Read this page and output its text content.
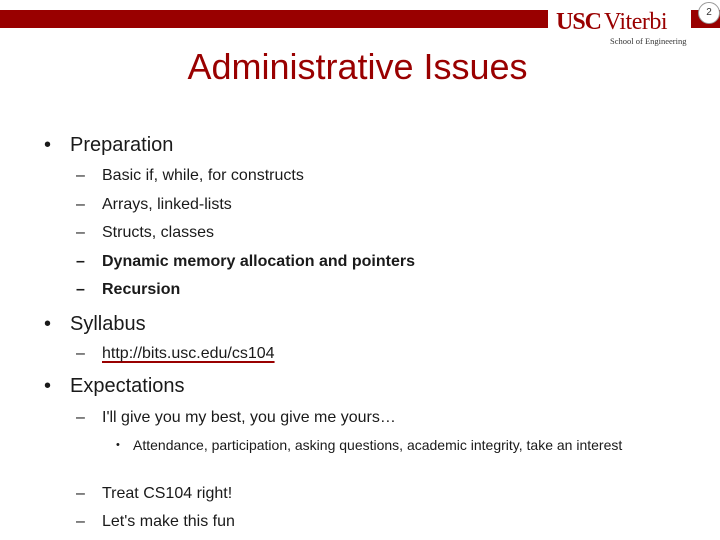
USC Viterbi
School of Engineering
2
Administrative Issues
• Preparation
– Basic if, while, for constructs
– Arrays, linked-lists
– Structs, classes
– Dynamic memory allocation and pointers
– Recursion
• Syllabus
– http://bits.usc.edu/cs104
• Expectations
– I'll give you my best, you give me yours…
• Attendance, participation, asking questions, academic integrity, take an interest
– Treat CS104 right!
– Let's make this fun
